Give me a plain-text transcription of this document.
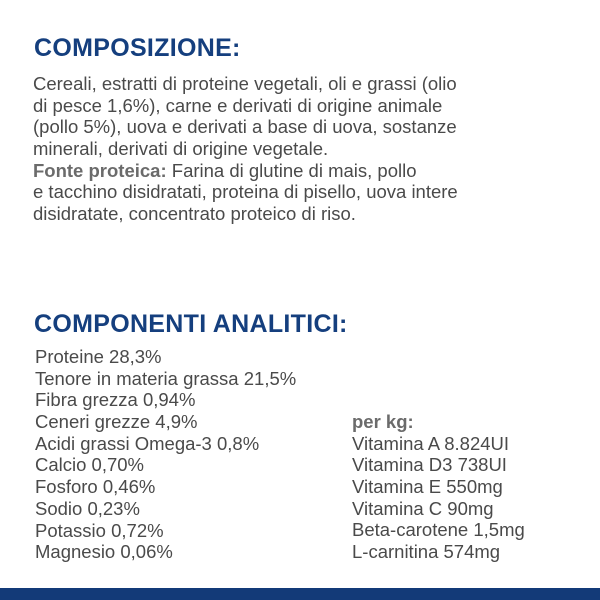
COMPOSIZIONE:
Cereali, estratti di proteine vegetali, oli e grassi (olio
di pesce 1,6%), carne e derivati di origine animale
(pollo 5%), uova e derivati a base di uova, sostanze
minerali, derivati di origine vegetale.
Fonte proteica: Farina di glutine di mais, pollo
e tacchino disidratati, proteina di pisello, uova intere
disidratate, concentrato proteico di riso.
COMPONENTI ANALITICI:
Proteine 28,3%
Tenore in materia grassa 21,5%
Fibra grezza 0,94%
Ceneri grezze 4,9%
Acidi grassi Omega-3 0,8%
Calcio 0,70%
Fosforo 0,46%
Sodio 0,23%
Potassio 0,72%
Magnesio 0,06%
per kg:
Vitamina A 8.824UI
Vitamina D3 738UI
Vitamina E 550mg
Vitamina C 90mg
Beta-carotene 1,5mg
L-carnitina 574mg
